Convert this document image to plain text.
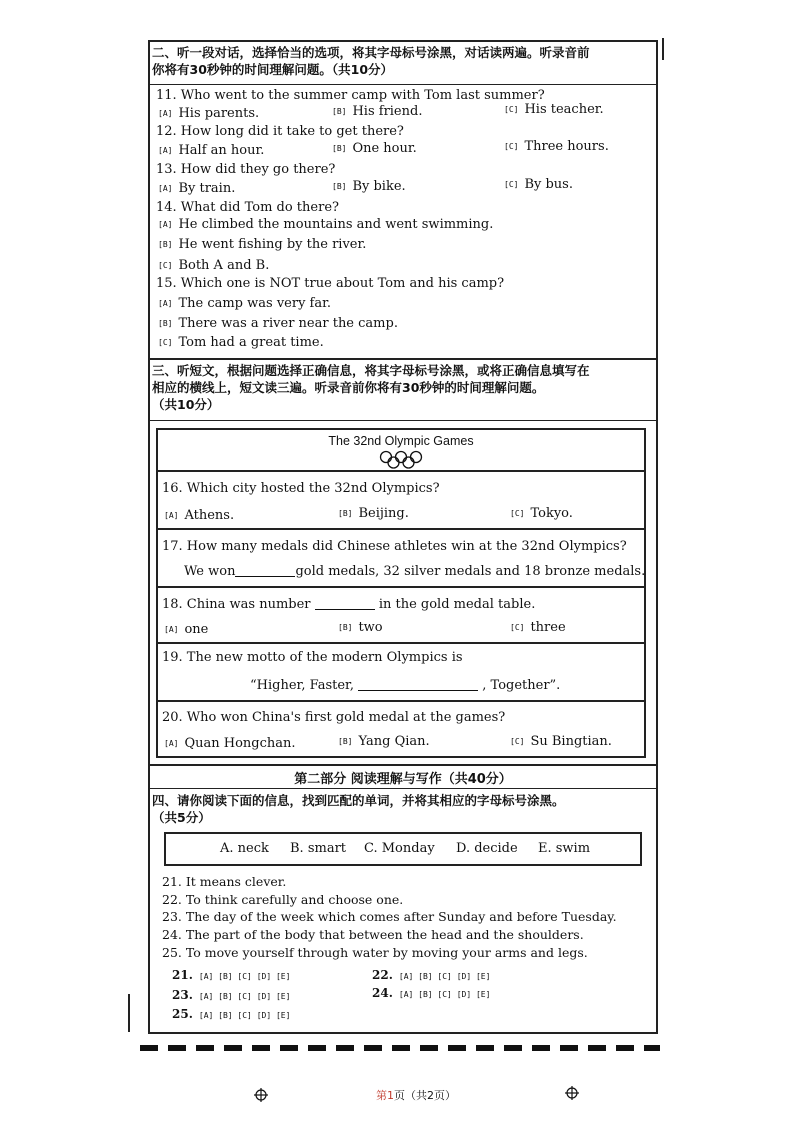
二、听一段对话，选择恰当的选项，将其字母标号涂黑，对话读两遍。听录音前
你将有30秒钟的时间理解问题。（共10分）
11. Who went to the summer camp with Tom last summer?
[A] His parents.	[B] His friend.	[C] His teacher.
12. How long did it take to get there?
[A] Half an hour.	[B] One hour.	[C] Three hours.
13. How did they go there?
[A] By train.	[B] By bike.	[C] By bus.
14. What did Tom do there?
[A] He climbed the mountains and went swimming.
[B] He went fishing by the river.
[C] Both A and B.
15. Which one is NOT true about Tom and his camp?
[A] The camp was very far.
[B] There was a river near the camp.
[C] Tom had a great time.
三、听短文，根据问题选择正确信息，将其字母标号涂黑，或将正确信息填写在
相应的横线上，短文读三遍。听录音前你将有30秒钟的时间理解问题。
（共10分）
The 32nd Olympic Games
16. Which city hosted the 32nd Olympics?
[A] Athens.	[B] Beijing.	[C] Tokyo.
17. How many medals did Chinese athletes win at the 32nd Olympics?
We won	gold medals, 32 silver medals and 18 bronze medals.
18. China was number	in the gold medal table.
[A] one	[B] two	[C] three
19. The new motto of the modern Olympics is
“Higher, Faster,	, Together”.
20. Who won China's first gold medal at the games?
[A] Quan Hongchan.	[B] Yang Qian.	[C] Su Bingtian.
第二部分 阅读理解与写作（共40分）
四、请你阅读下面的信息，找到匹配的单词，并将其相应的字母标号涂黑。
（共5分）
A. neck B. smart C. Monday D. decide E. swim
21. It means clever.
22. To think carefully and choose one.
23. The day of the week which comes after Sunday and before Tuesday.
24. The part of the body that between the head and the shoulders.
25. To move yourself through water by moving your arms and legs.
21. [A] [B] [C] [D] [E]	22. [A] [B] [C] [D] [E]
23. [A] [B] [C] [D] [E]	24. [A] [B] [C] [D] [E]
25. [A] [B] [C] [D] [E]
第1页（共2页）
